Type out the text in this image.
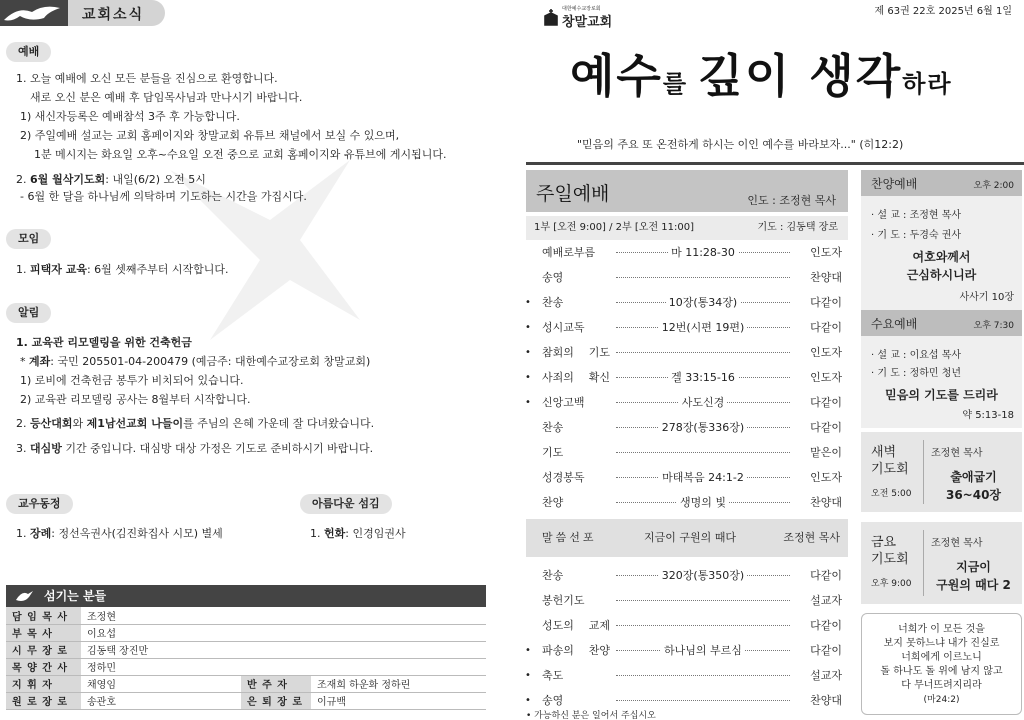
교회소식
예배
1. 오늘 예배에 오신 모든 분들을 진심으로 환영합니다.
새로 오신 분은 예배 후 담임목사님과 만나시기 바랍니다.
1) 새신자등록은 예배참석 3주 후 가능합니다.
2) 주일예배 설교는 교회 홈페이지와 창말교회 유튜브 채널에서 보실 수 있으며,
1분 메시지는 화요일 오후~수요일 오전 중으로 교회 홈페이지와 유튜브에 게시됩니다.
2. 6월 월삭기도회: 내일(6/2) 오전 5시
- 6월 한 달을 하나님께 의탁하며 기도하는 시간을 가집시다.
모임
1. 피택자 교육: 6월 셋째주부터 시작합니다.
알림
1. 교육관 리모델링을 위한 건축헌금
* 계좌: 국민 205501-04-200479 (예금주: 대한예수교장로회 창말교회)
1) 로비에 건축헌금 봉투가 비치되어 있습니다.
2) 교육관 리모델링 공사는 8월부터 시작합니다.
2. 등산대회와 제1남선교회 나들이를 주님의 은혜 가운데 잘 다녀왔습니다.
3. 대심방 기간 중입니다. 대심방 대상 가정은 기도로 준비하시기 바랍니다.
교우동정
1. 장례: 정선옥권사(김진화집사 시모) 별세
아름다운 섬김
1. 헌화: 인경임권사
섬기는 분들
담 임 목 사	조정현		
부 목 사	이요섭		
시 무 장 로	김동택 장진만		
목 양 간 사	정하민		
지 휘 자	채영임	반 주 자	조재희 하운화 정하린
원 로 장 로	송관호	은 퇴 장 로	이규백
대한예수교장로회
창말교회
제 63권 22호 2025년 6월 1일
예수를 깊이 생각하라
"믿음의 주요 또 온전하게 하시는 이인 예수를 바라보자..." (히12:2)
주일예배	인도 : 조정현 목사
1부 [오전 9:00] / 2부 [오전 11:00]	기도 : 김동택 장로
예배로부름	마 11:28-30	인도자
송영	찬양대
• 찬송	10장(통34장)	다같이
• 성시교독	12번(시편 19편)	다같이
• 참회의 기도	인도자
• 사죄의 확신	겔 33:15-16	인도자
• 신앙고백	사도신경	다같이
찬송	278장(통336장)	다같이
기도	맡은이
성경봉독	마태복음 24:1-2	인도자
찬양	생명의 빛	찬양대
말씀선포	지금이 구원의 때다	조정현 목사
찬송	320장(통350장)	다같이
봉헌기도	설교자
성도의 교제	다같이
• 파송의 찬양	하나님의 부르심	다같이
• 축도	설교자
• 송영	찬양대
• 가능하신 분은 일어서 주십시오
찬양예배	오후 2:00
· 설 교 : 조정현 목사
· 기 도 : 두경숙 권사
여호와께서
근심하시니라
사사기 10장
수요예배	오후 7:30
· 설 교 : 이요섭 목사
· 기 도 : 정하민 청년
믿음의 기도를 드리라
약 5:13-18
새벽
기도회
오전 5:00
조정현 목사
출애굽기
36~40장
금요
기도회
오후 9:00
조정현 목사
지금이
구원의 때다 2
너희가 이 모든 것을
보지 못하느냐 내가 진실로
너희에게 이르노니
돌 하나도 돌 위에 남지 않고
다 무너뜨려지리라
(마24:2)
